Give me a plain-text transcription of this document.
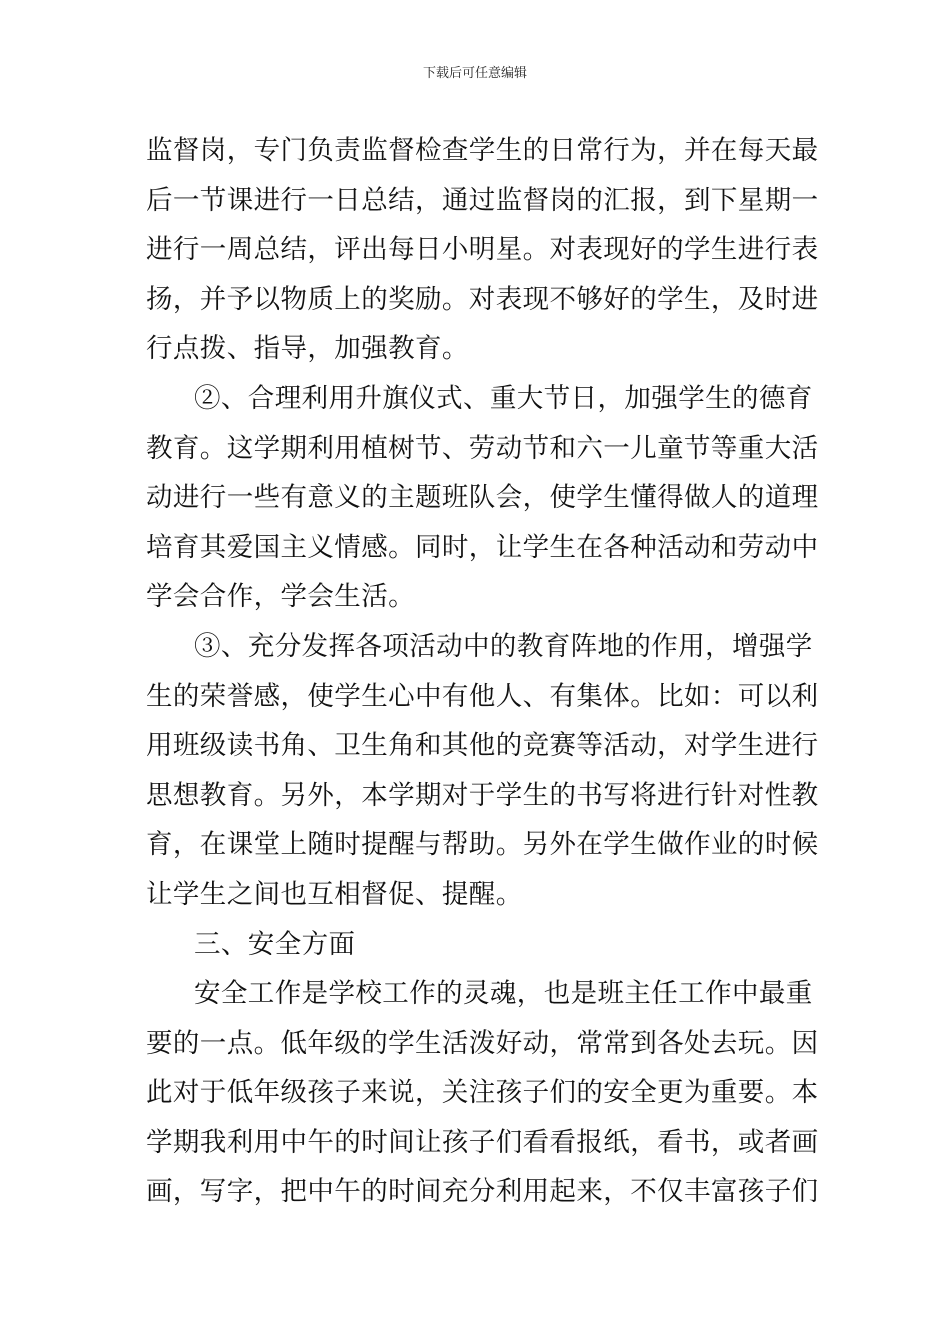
下载后可任意编辑
监督岗，专门负责监督检查学生的日常行为，并在每天最
后一节课进行一日总结，通过监督岗的汇报，到下星期一
进行一周总结，评出每日小明星。对表现好的学生进行表
扬，并予以物质上的奖励。对表现不够好的学生，及时进
行点拨、指导，加强教育。
②、合理利用升旗仪式、重大节日，加强学生的德育
教育。这学期利用植树节、劳动节和六一儿童节等重大活
动进行一些有意义的主题班队会，使学生懂得做人的道理
培育其爱国主义情感。同时，让学生在各种活动和劳动中
学会合作，学会生活。
③、充分发挥各项活动中的教育阵地的作用，增强学
生的荣誉感，使学生心中有他人、有集体。比如：可以利
用班级读书角、卫生角和其他的竞赛等活动，对学生进行
思想教育。另外，本学期对于学生的书写将进行针对性教
育，在课堂上随时提醒与帮助。另外在学生做作业的时候
让学生之间也互相督促、提醒。
三、安全方面
安全工作是学校工作的灵魂，也是班主任工作中最重
要的一点。低年级的学生活泼好动，常常到各处去玩。因
此对于低年级孩子来说，关注孩子们的安全更为重要。本
学期我利用中午的时间让孩子们看看报纸，看书，或者画
画，写字，把中午的时间充分利用起来，不仅丰富孩子们
